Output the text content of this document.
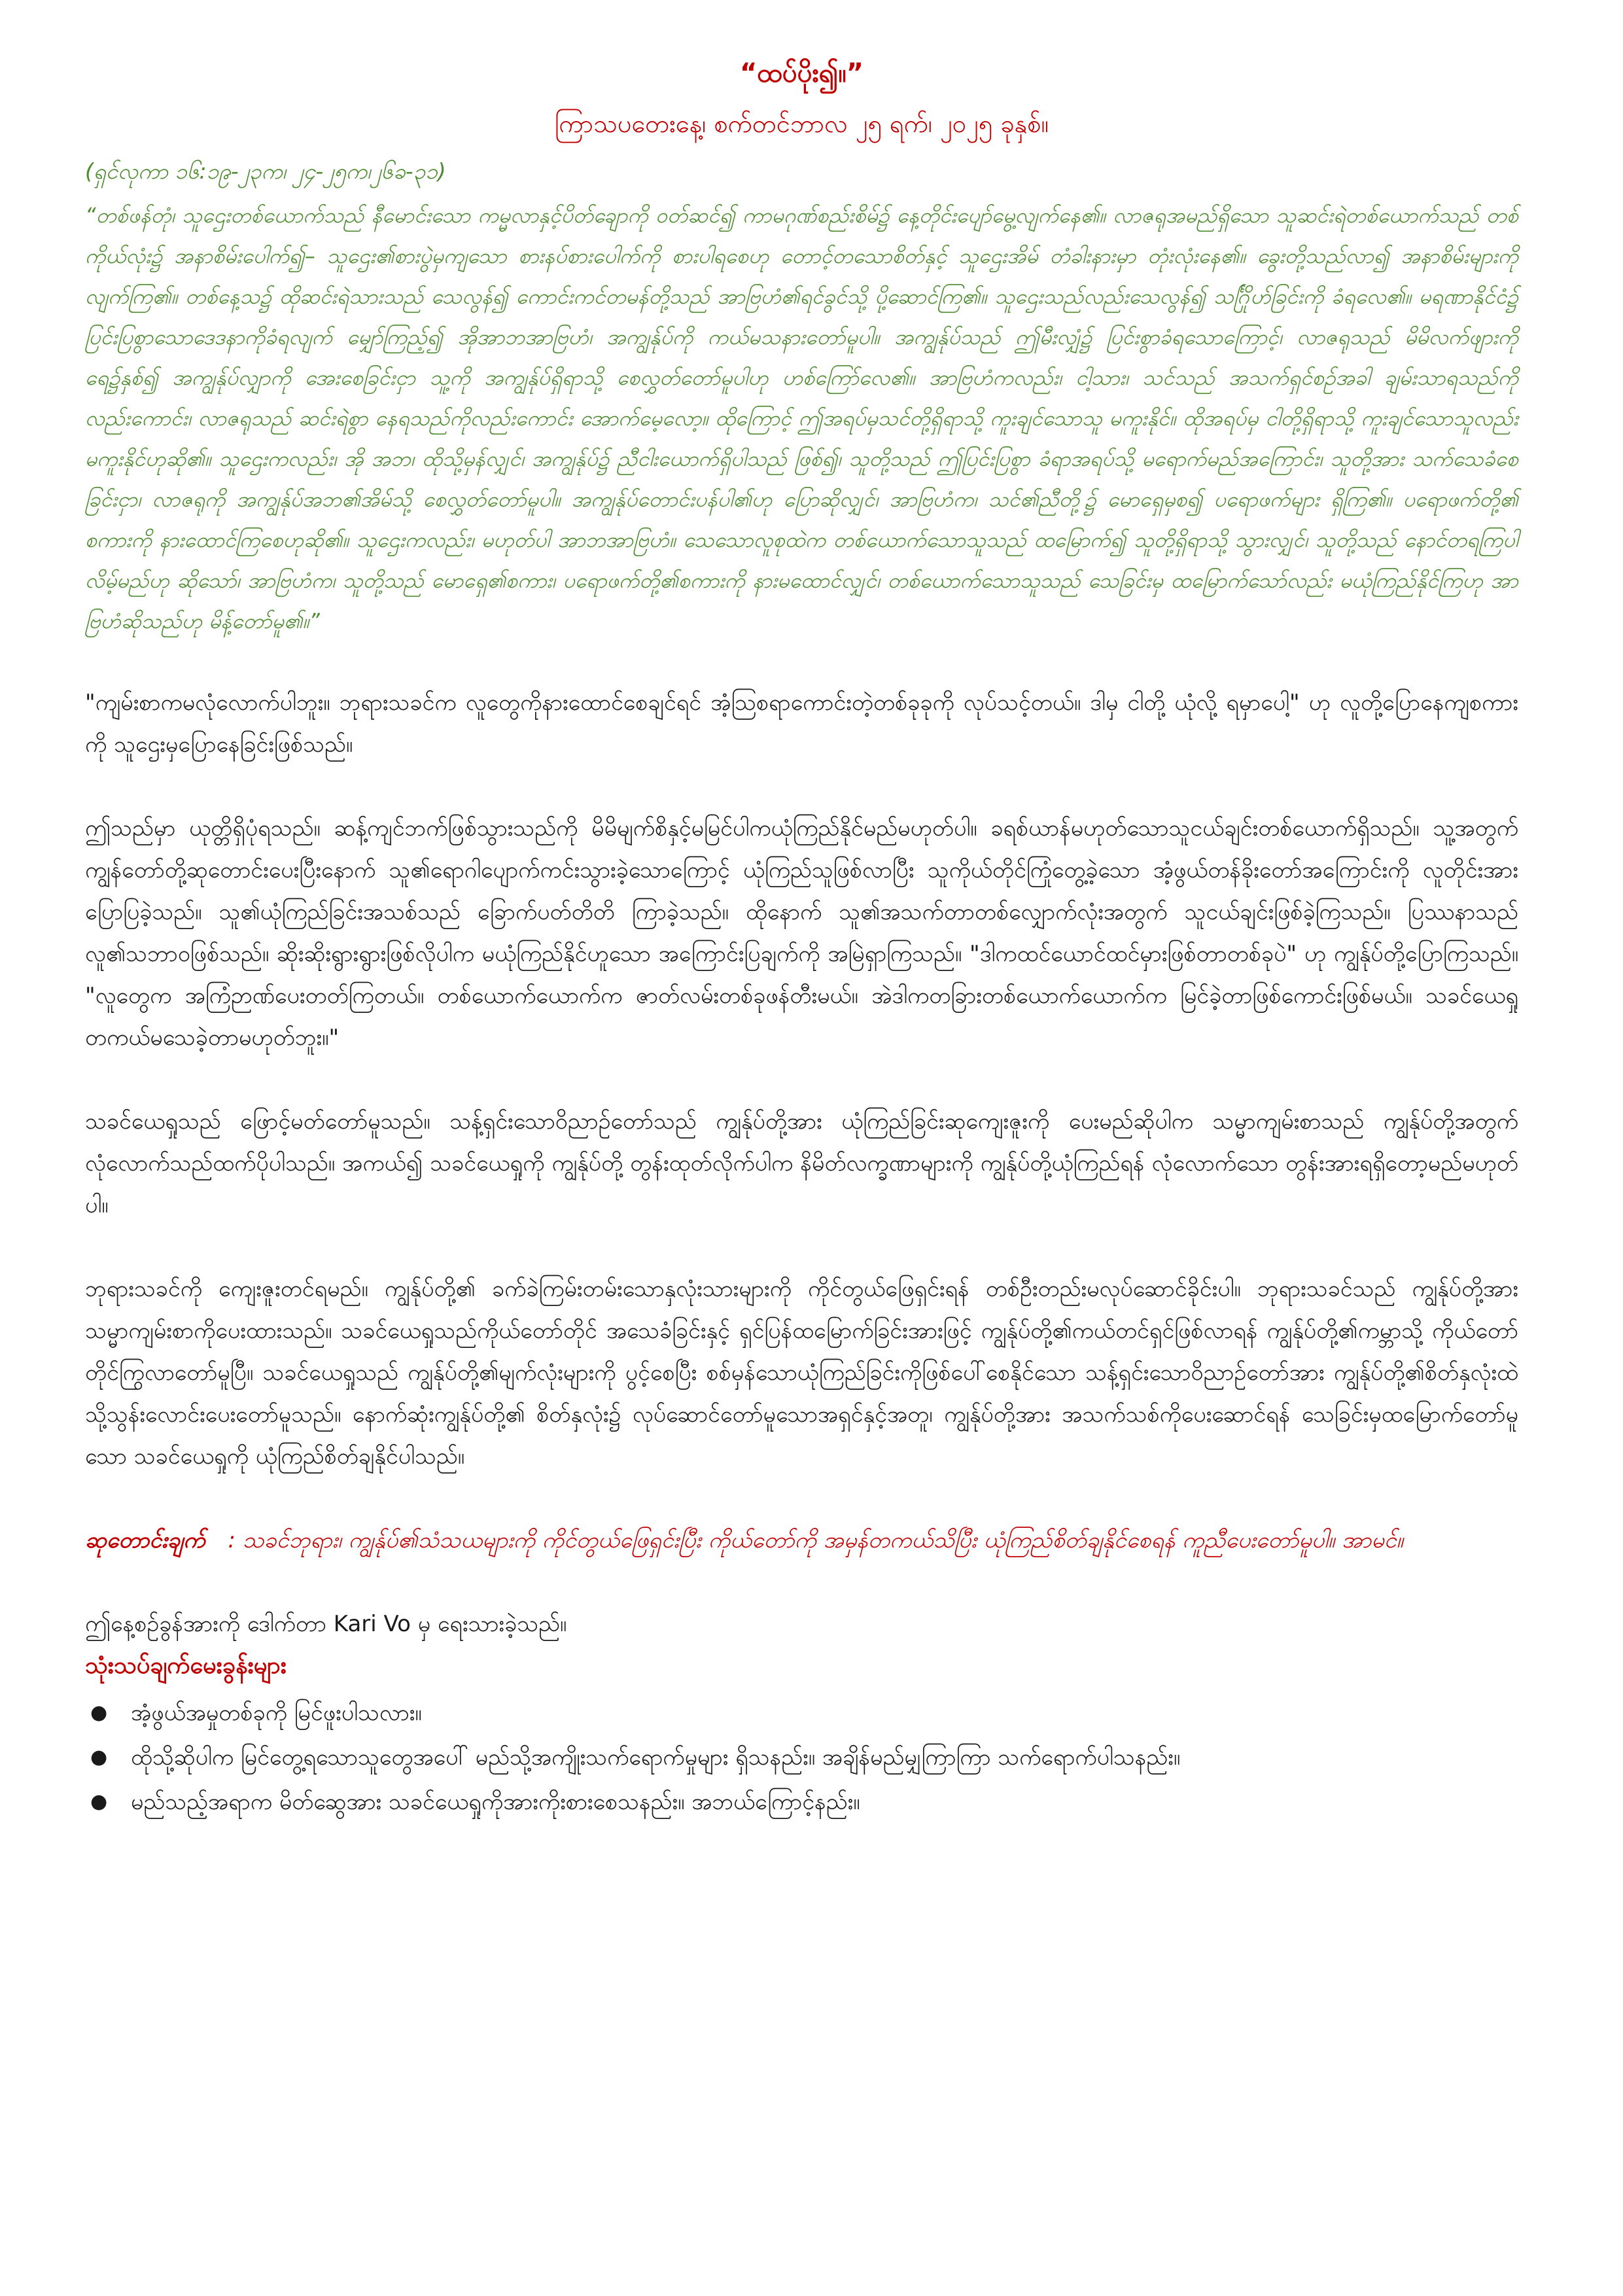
“ထပ်ပိုး၍။”
ကြာသပတေးနေ့၊ စက်တင်ဘာလ ၂၅ ရက်၊ ၂၀၂၅ ခုနှစ်။
(ရှင်လုကာ ၁၆:၁၉-၂၃က၊ ၂၄-၂၅က၊၂၆ခ-၃၁)

“တစ်ဖန်တုံ၊ သူဌေးတစ်ယောက်သည် နီမောင်းသော ကမ္မလာနှင့်ပိတ်ချောကို ဝတ်ဆင်၍ ကာမဂုဏ်စည်းစိမ်၌ နေ့တိုင်းပျော်မွေ့လျက်နေ၏။ လာဇရုအမည်ရှိသော သူဆင်းရဲတစ်ယောက်သည် တစ်ကိုယ်လုံး၌ အနာစိမ်းပေါက်၍– သူဌေး၏စားပွဲမှကျသော စားနပ်စားပေါက်ကို စားပါရစေဟု တောင့်တသောစိတ်နှင့် သူဌေးအိမ် တံခါးနားမှာ တုံးလုံးနေ၏။ ခွေးတို့သည်လာ၍ အနာစိမ်းများကို လျက်ကြ၏။ တစ်နေ့သ၌ ထိုဆင်းရဲသားသည် သေလွန်၍ ကောင်းကင်တမန်တို့သည် အာဗြဟံ၏ရင်ခွင်သို့ ပို့ဆောင်ကြ၏။ သူဌေးသည်လည်းသေလွန်၍ သင်္ဂြိုဟ်ခြင်းကို ခံရလေ၏။ မရဏာနိုင်ငံ၌ ပြင်းပြစွာသောဒေဒနာကိုခံရလျက် မျှော်ကြည့်၍ အိုအာဘအာဗြဟံ၊ အကျွန်ုပ်ကို ကယ်မသနားတော်မူပါ။ အကျွန်ုပ်သည် ဤမီးလျှံ၌ ပြင်းစွာခံရသောကြောင့်၊ လာဇရုသည် မိမိလက်ဖျားကို ရေ၌နှစ်၍ အကျွန်ုပ်လျှာကို အေးစေခြင်းငှာ သူ့ကို အကျွန်ုပ်ရှိရာသို့ စေလွှတ်တော်မူပါဟု ဟစ်ကြော်လေ၏။ အာဗြဟံကလည်း၊ ငါ့သား၊ သင်သည် အသက်ရှင်စဉ်အခါ ချမ်းသာရသည်ကိုလည်းကောင်း၊ လာဇရုသည် ဆင်းရဲစွာ နေရသည်ကိုလည်းကောင်း အောက်မေ့လော့။ ထိုကြောင့် ဤအရပ်မှသင်တို့ရှိရာသို့ ကူးချင်သောသူ မကူးနိုင်။ ထိုအရပ်မှ ငါတို့ရှိရာသို့ ကူးချင်သောသူလည်း မကူးနိုင်ဟုဆို၏။ သူဌေးကလည်း၊ အို အဘ၊ ထိုသို့မှန်လျှင်၊ အကျွန်ုပ်၌ ညီငါးယောက်ရှိပါသည် ဖြစ်၍၊ သူတို့သည် ဤပြင်းပြစွာ ခံရာအရပ်သို့ မရောက်မည်အကြောင်း၊ သူတို့အား သက်သေခံစေခြင်းငှာ၊ လာဇရုကို အကျွန်ုပ်အဘ၏အိမ်သို့ စေလွှတ်တော်မူပါ။ အကျွန်ုပ်တောင်းပန်ပါ၏ဟု ပြောဆိုလျှင်၊ အာဗြဟံက၊ သင်၏ညီတို့၌ မောရှေမှစ၍ ပရောဖက်များ ရှိကြ၏။ ပရောဖက်တို့၏ စကားကို နားထောင်ကြစေဟုဆို၏။ သူဌေးကလည်း၊ မဟုတ်ပါ အာဘအာဗြဟံ။ သေသောလူစုထဲက တစ်ယောက်သောသူသည် ထမြောက်၍ သူတို့ရှိရာသို့ သွားလျှင်၊ သူတို့သည် နောင်တရကြပါလိမ့်မည်ဟု ဆိုသော်၊ အာဗြဟံက၊ သူတို့သည် မောရှေ၏စကား၊ ပရောဖက်တို့၏စကားကို နားမထောင်လျှင်၊ တစ်ယောက်သောသူသည် သေခြင်းမှ ထမြောက်သော်လည်း မယုံကြည်နိုင်ကြဟု အာဗြဟံဆိုသည်ဟု မိန့်တော်မူ၏။”

"ကျမ်းစာကမလုံလောက်ပါဘူး။ ဘုရားသခင်က လူတွေကိုနားထောင်စေချင်ရင် အံ့သြစရာကောင်းတဲ့တစ်ခုခုကို လုပ်သင့်တယ်။ ဒါမှ ငါတို့ ယုံလို့ ရမှာပေါ့" ဟု လူတို့ပြောနေကျစကားကို သူဌေးမှပြောနေခြင်းဖြစ်သည်။

ဤသည်မှာ ယုတ္တိရှိပုံရသည်။ ဆန့်ကျင်ဘက်ဖြစ်သွားသည်ကို မိမိမျက်စိနှင့်မမြင်ပါကယုံကြည်နိုင်မည်မဟုတ်ပါ။ ခရစ်ယာန်မဟုတ်သောသူငယ်ချင်းတစ်ယောက်ရှိသည်။ သူ့အတွက် ကျွန်တော်တို့ဆုတောင်းပေးပြီးနောက် သူ၏ရောဂါပျောက်ကင်းသွားခဲ့သောကြောင့် ယုံကြည်သူဖြစ်လာပြီး သူကိုယ်တိုင်ကြုံတွေ့ခဲ့သော အံ့ဖွယ်တန်ခိုးတော်အကြောင်းကို လူတိုင်းအားပြောပြခဲ့သည်။ သူ၏ယုံကြည်ခြင်းအသစ်သည် ခြောက်ပတ်တိတိ ကြာခဲ့သည်။ ထိုနောက် သူ၏အသက်တာတစ်လျှောက်လုံးအတွက် သူငယ်ချင်းဖြစ်ခဲ့ကြသည်။ ပြဿနာသည် လူ၏သဘာဝဖြစ်သည်။ ဆိုးဆိုးရွားရွားဖြစ်လိုပါက မယုံကြည်နိုင်ဟူသော အကြောင်းပြချက်ကို အမြဲရှာကြသည်။ "ဒါကထင်ယောင်ထင်မှားဖြစ်တာတစ်ခုပဲ" ဟု ကျွန်ုပ်တို့ပြောကြသည်။ "လူတွေက အကြံဉာဏ်ပေးတတ်ကြတယ်။ တစ်ယောက်ယောက်က ဇာတ်လမ်းတစ်ခုဖန်တီးမယ်။ အဲဒါကတခြားတစ်ယောက်ယောက်က မြင်ခဲ့တာဖြစ်ကောင်းဖြစ်မယ်။ သခင်ယေရှု တကယ်မသေခဲ့တာမဟုတ်ဘူး။"

သခင်ယေရှုသည် ဖြောင့်မတ်တော်မူသည်။ သန့်ရှင်းသောဝိညာဉ်တော်သည် ကျွန်ုပ်တို့အား ယုံကြည်ခြင်းဆုကျေးဇူးကို ပေးမည်ဆိုပါက သမ္မာကျမ်းစာသည် ကျွန်ုပ်တို့အတွက် လုံလောက်သည်ထက်ပိုပါသည်။ အကယ်၍ သခင်ယေရှုကို ကျွန်ုပ်တို့ တွန်းထုတ်လိုက်ပါက နိမိတ်လက္ခဏာများကို ကျွန်ုပ်တို့ယုံကြည်ရန် လုံလောက်သော တွန်းအားရရှိတော့မည်မဟုတ်ပါ။

ဘုရားသခင်ကို ကျေးဇူးတင်ရမည်။ ကျွန်ုပ်တို့၏ ခက်ခဲကြမ်းတမ်းသောနှလုံးသားများကို ကိုင်တွယ်ဖြေရှင်းရန် တစ်ဦးတည်းမလုပ်ဆောင်ခိုင်းပါ။ ဘုရားသခင်သည် ကျွန်ုပ်တို့အား သမ္မာကျမ်းစာကိုပေးထားသည်။ သခင်ယေရှုသည်ကိုယ်တော်တိုင် အသေခံခြင်းနှင့် ရှင်ပြန်ထမြောက်ခြင်းအားဖြင့် ကျွန်ုပ်တို့၏ကယ်တင်ရှင်ဖြစ်လာရန် ကျွန်ုပ်တို့၏ကမ္ဘာသို့ ကိုယ်တော်တိုင်ကြွလာတော်မူပြီ။ သခင်ယေရှုသည် ကျွန်ုပ်တို့၏မျက်လုံးများကို ပွင့်စေပြီး စစ်မှန်သောယုံကြည်ခြင်းကိုဖြစ်ပေါ်စေနိုင်သော သန့်ရှင်းသောဝိညာဉ်တော်အား ကျွန်ုပ်တို့၏စိတ်နှလုံးထဲသို့သွန်းလောင်းပေးတော်မူသည်။ နောက်ဆုံးကျွန်ုပ်တို့၏ စိတ်နှလုံး၌ လုပ်ဆောင်တော်မူသောအရှင်နှင့်အတူ၊ ကျွန်ုပ်တို့အား အသက်သစ်ကိုပေးဆောင်ရန် သေခြင်းမှထမြောက်တော်မူသော သခင်ယေရှုကို ယုံကြည်စိတ်ချနိုင်ပါသည်။

ဆုတောင်းချက် : သခင်ဘုရား၊ ကျွန်ုပ်၏သံသယများကို ကိုင်တွယ်ဖြေရှင်းပြီး ကိုယ်တော်ကို အမှန်တကယ်သိပြီး ယုံကြည်စိတ်ချနိုင်စေရန် ကူညီပေးတော်မူပါ။ အာမင်။

ဤနေ့စဉ်ခွန်အားကို ဒေါက်တာ Kari Vo မှ ရေးသားခဲ့သည်။

သုံးသပ်ချက်မေးခွန်းများ
● အံ့ဖွယ်အမှုတစ်ခုကို မြင်ဖူးပါသလား။
● ထိုသို့ဆိုပါက မြင်တွေ့ရသောသူတွေအပေါ် မည်သို့အကျိုးသက်ရောက်မှုများ ရှိသနည်း။ အချိန်မည်မျှကြာကြာ သက်ရောက်ပါသနည်း။
● မည်သည့်အရာက မိတ်ဆွေအား သခင်ယေရှုကိုအားကိုးစားစေသနည်း။ အဘယ်ကြောင့်နည်း။
